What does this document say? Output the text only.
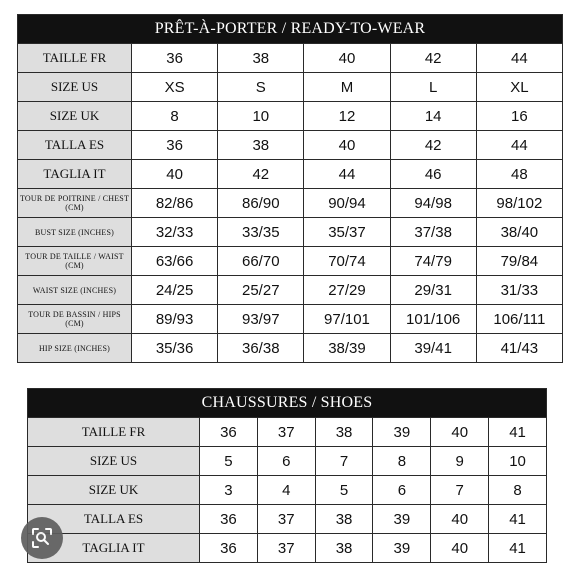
PRÊT-À-PORTER / READY-TO-WEAR					
TAILLE FR	36	38	40	42	44
SIZE US	XS	S	M	L	XL
SIZE UK	8	10	12	14	16
TALLA ES	36	38	40	42	44
TAGLIA IT	40	42	44	46	48
TOUR DE POITRINE / CHEST (CM)	82/86	86/90	90/94	94/98	98/102
BUST SIZE (INCHES)	32/33	33/35	35/37	37/38	38/40
TOUR DE TAILLE / WAIST (CM)	63/66	66/70	70/74	74/79	79/84
WAIST SIZE (INCHES)	24/25	25/27	27/29	29/31	31/33
TOUR DE BASSIN / HIPS (CM)	89/93	93/97	97/101	101/106	106/111
HIP SIZE (INCHES)	35/36	36/38	38/39	39/41	41/43
CHAUSSURES / SHOES						
TAILLE FR	36	37	38	39	40	41
SIZE US	5	6	7	8	9	10
SIZE UK	3	4	5	6	7	8
TALLA ES	36	37	38	39	40	41
TAGLIA IT	36	37	38	39	40	41
